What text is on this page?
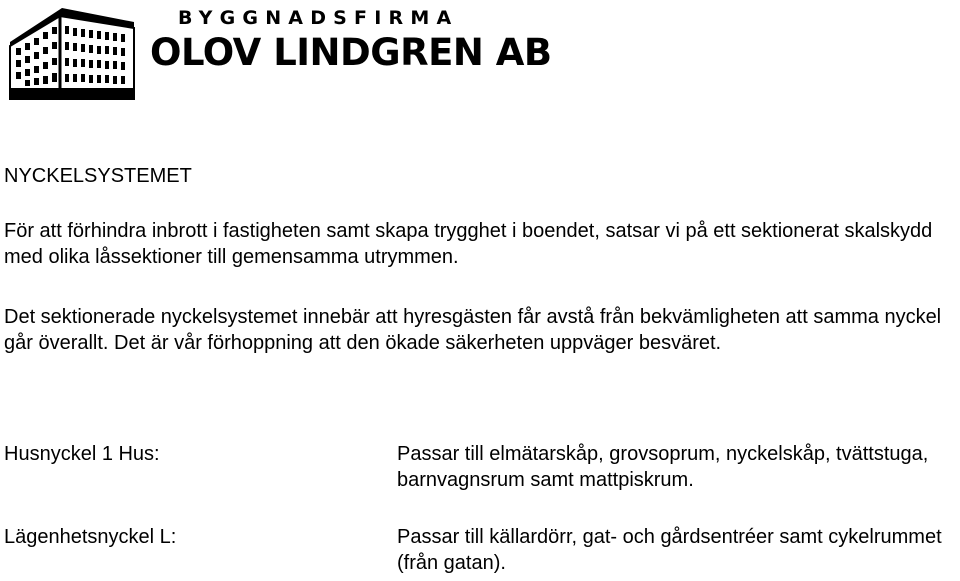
BYGGNADSFIRMA
OLOV LINDGREN AB
NYCKELSYSTEMET

För att förhindra inbrott i fastigheten samt skapa trygghet i boendet, satsar vi på ett sektionerat skalskydd med olika låssektioner till gemensamma utrymmen.

Det sektionerade nyckelsystemet innebär att hyresgästen får avstå från bekvämligheten att samma nyckel går överallt. Det är vår förhoppning att den ökade säkerheten uppväger besväret.

Husnyckel 1 Hus:	Passar till elmätarskåp, grovsoprum, nyckelskåp, tvättstuga, barnvagnsrum samt mattpiskrum.

Lägenhetsnyckel L:	Passar till källardörr, gat- och gårdsentréer samt cykelrummet (från gatan).
